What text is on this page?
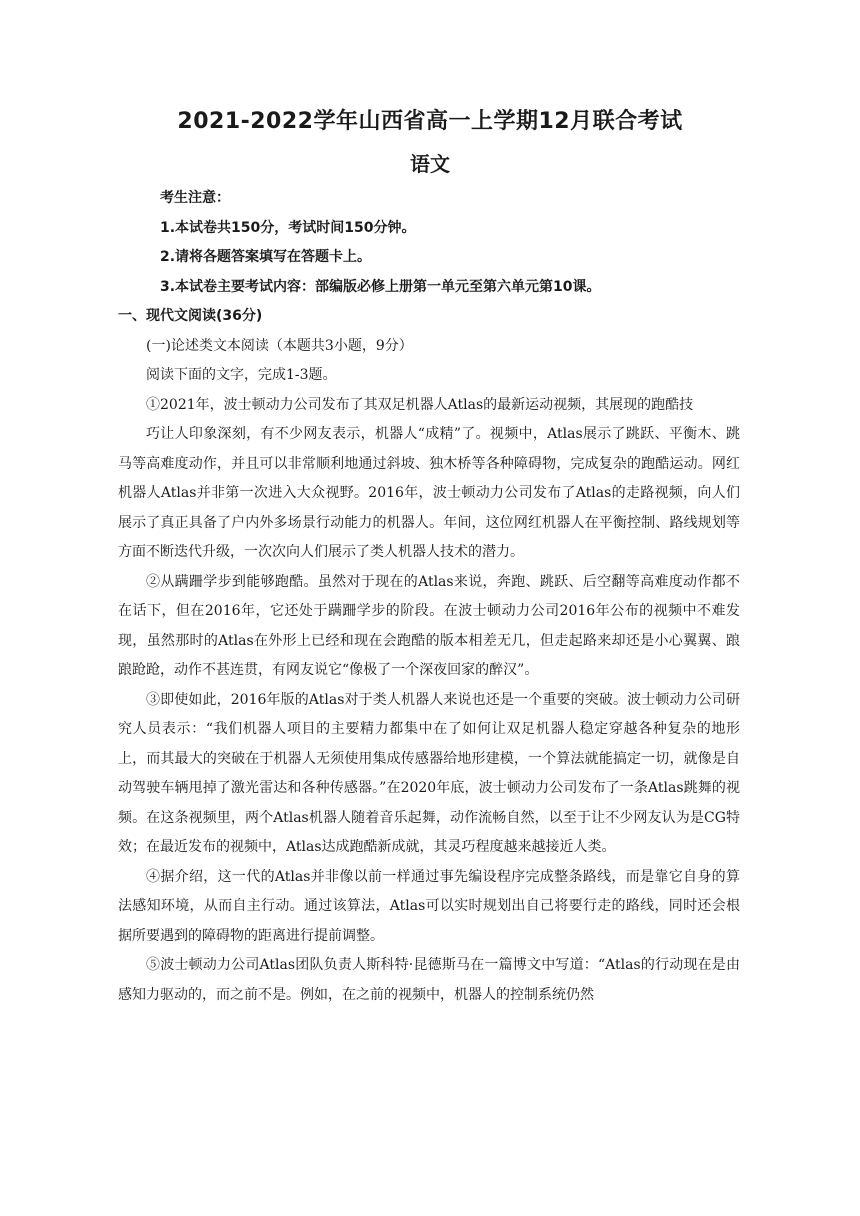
2021-2022学年山西省高一上学期12月联合考试
语文

考生注意：

1.本试卷共150分，考试时间150分钟。

2.请将各题答案填写在答题卡上。

3.本试卷主要考试内容：部编版必修上册第一单元至第六单元第10课。

一、现代文阅读(36分)

(一)论述类文本阅读（本题共3小题，9分）

阅读下面的文字，完成1-3题。

①2021年，波士顿动力公司发布了其双足机器人Atlas的最新运动视频，其展现的跑酷技

巧让人印象深刻，有不少网友表示，机器人“成精”了。视频中，Atlas展示了跳跃、平衡木、跳马等高难度动作，并且可以非常顺利地通过斜坡、独木桥等各种障碍物，完成复杂的跑酷运动。网红机器人Atlas并非第一次进入大众视野。2016年，波士顿动力公司发布了Atlas的走路视频，向人们展示了真正具备了户内外多场景行动能力的机器人。年间，这位网红机器人在平衡控制、路线规划等方面不断迭代升级，一次次向人们展示了类人机器人技术的潜力。

②从蹒跚学步到能够跑酷。虽然对于现在的Atlas来说，奔跑、跳跃、后空翻等高难度动作都不在话下，但在2016年，它还处于蹒跚学步的阶段。在波士顿动力公司2016年公布的视频中不难发现，虽然那时的Atlas在外形上已经和现在会跑酷的版本相差无几，但走起路来却还是小心翼翼、踉踉跄跄，动作不甚连贯，有网友说它“像极了一个深夜回家的醉汉”。

③即使如此，2016年版的Atlas对于类人机器人来说也还是一个重要的突破。波士顿动力公司研究人员表示：“我们机器人项目的主要精力都集中在了如何让双足机器人稳定穿越各种复杂的地形上，而其最大的突破在于机器人无须使用集成传感器给地形建模，一个算法就能搞定一切，就像是自动驾驶车辆甩掉了激光雷达和各种传感器。”在2020年底，波士顿动力公司发布了一条Atlas跳舞的视频。在这条视频里，两个Atlas机器人随着音乐起舞，动作流畅自然，以至于让不少网友认为是CG特效；在最近发布的视频中，Atlas达成跑酷新成就，其灵巧程度越来越接近人类。

④据介绍，这一代的Atlas并非像以前一样通过事先编设程序完成整条路线，而是靠它自身的算法感知环境，从而自主行动。通过该算法，Atlas可以实时规划出自己将要行走的路线，同时还会根据所要遇到的障碍物的距离进行提前调整。

⑤波士顿动力公司Atlas团队负责人斯科特·昆德斯马在一篇博文中写道：“Atlas的行动现在是由感知力驱动的，而之前不是。例如，在之前的视频中，机器人的控制系统仍然
